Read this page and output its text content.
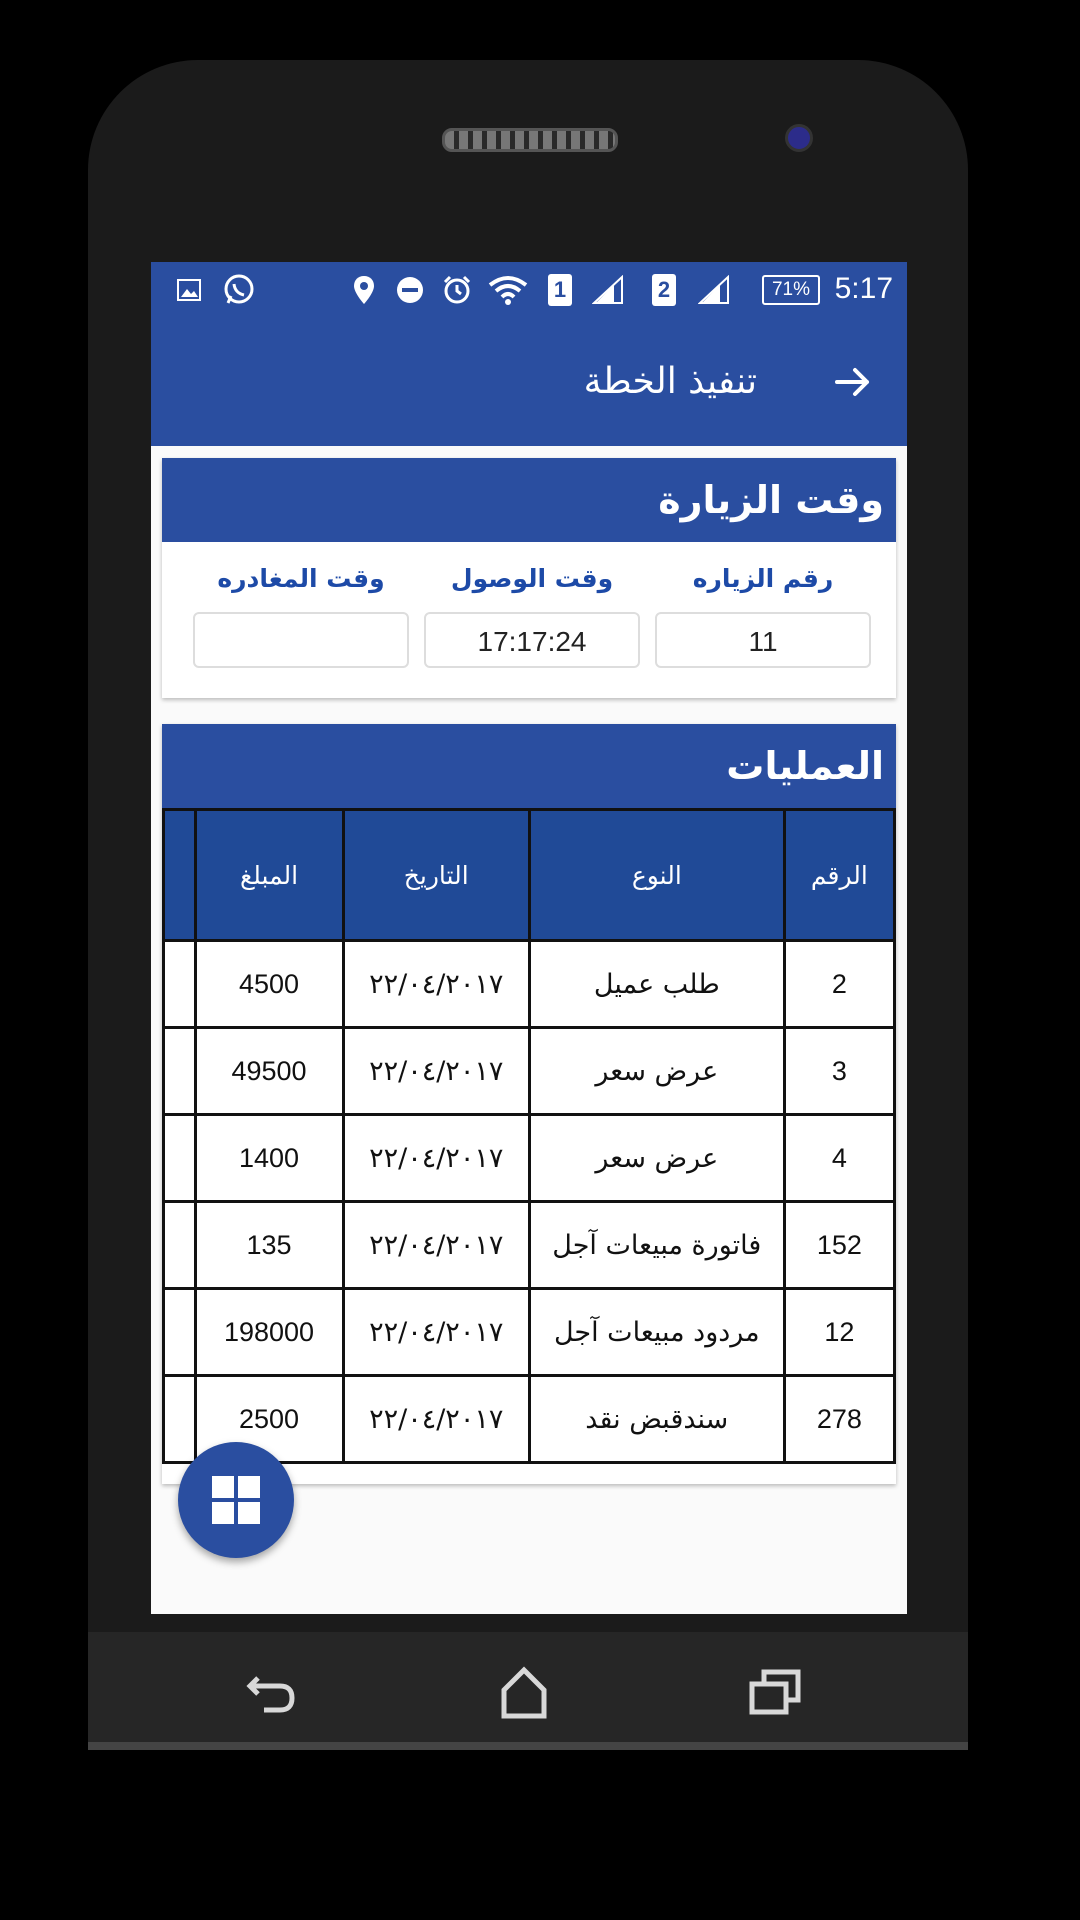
1	2	71% 5:17
تنفيذ الخطة
وقت الزيارة
رقم الزياره
11
وقت الوصول
17:17:24
وقت المغادره
العمليات
الرقم	النوع	التاريخ	المبلغ	
2	طلب عميل	٢٢/٠٤/٢٠١٧	4500	
3	عرض سعر	٢٢/٠٤/٢٠١٧	49500	
4	عرض سعر	٢٢/٠٤/٢٠١٧	1400	
152	فاتورة مبيعات آجل	٢٢/٠٤/٢٠١٧	135	
12	مردود مبيعات آجل	٢٢/٠٤/٢٠١٧	198000	
278	سندقبض نقد	٢٢/٠٤/٢٠١٧	2500	
